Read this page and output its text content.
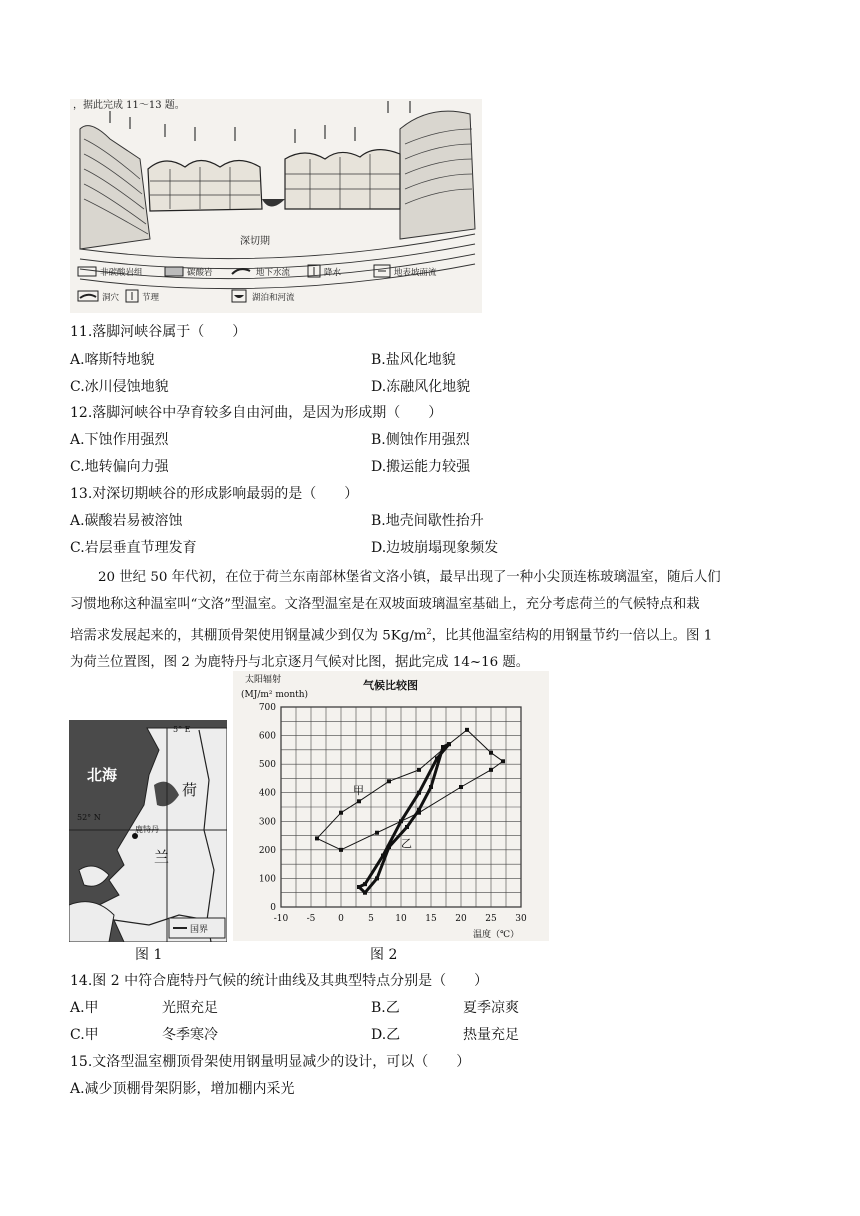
，据此完成 11～13 题。
深切期
非碳酸岩组	碳酸岩	地下水流	降水	地表坡面流
洞穴	节理	湖泊和河流
11.落脚河峡谷属于（　　）
A.喀斯特地貌	B.盐风化地貌
C.冰川侵蚀地貌	D.冻融风化地貌
12.落脚河峡谷中孕育较多自由河曲，是因为形成期（　　）
A.下蚀作用强烈	B.侧蚀作用强烈
C.地转偏向力强	D.搬运能力较强
13.对深切期峡谷的形成影响最弱的是（　　）
A.碳酸岩易被溶蚀	B.地壳间歇性抬升
C.岩层垂直节理发育	D.边坡崩塌现象频发
20 世纪 50 年代初，在位于荷兰东南部林堡省文洛小镇，最早出现了一种小尖顶连栋玻璃温室，随后人们
习惯地称这种温室叫“文洛”型温室。文洛型温室是在双坡面玻璃温室基础上，充分考虑荷兰的气候特点和栽
培需求发展起来的，其棚顶骨架使用钢量减少到仅为 $5Kg/m^2$，比其他温室结构的用钢量节约一倍以上。图 1
为荷兰位置图，图 2 为鹿特丹与北京逐月气候对比图，据此完成 14~16 题。
5° E
52° N
北海
荷
兰
鹿特丹
国界
图 1
太阳辐射
(MJ/m² month)
气候比较图
温度（℃）
-10 -5	0	5 10 15 20 25 30
0
100
200
300
400
500
600
700
甲
乙
图 2
14.图 2 中符合鹿特丹气候的统计曲线及其典型特点分别是（　　）
A.甲	光照充足	B.乙	夏季凉爽
C.甲	冬季寒冷	D.乙	热量充足
15.文洛型温室棚顶骨架使用钢量明显减少的设计，可以（　　）
A.减少顶棚骨架阴影，增加棚内采光
